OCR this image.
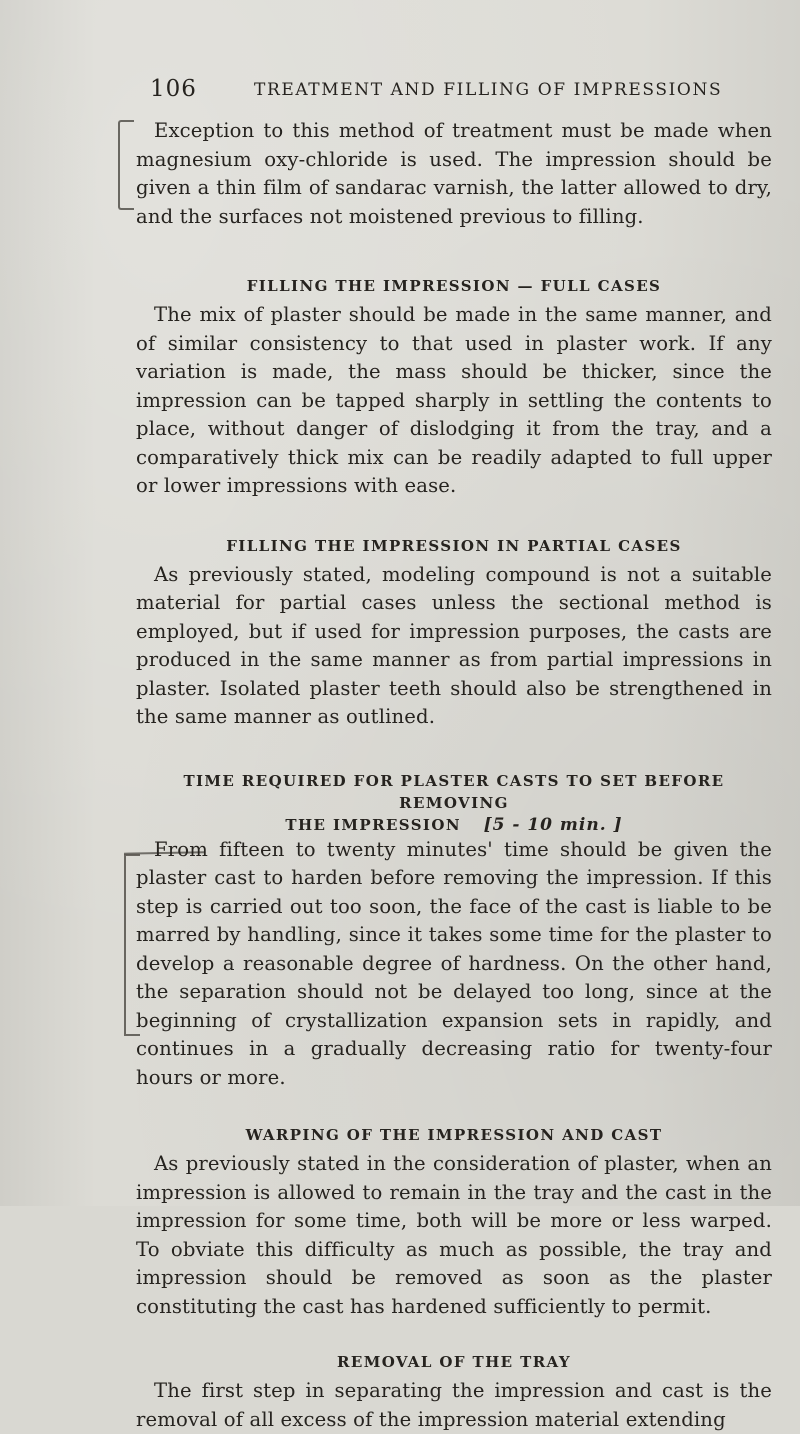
106	TREATMENT AND FILLING OF IMPRESSIONS

Exception to this method of treatment must be made when magnesium oxy-chloride is used. The impression should be given a thin film of sandarac varnish, the latter allowed to dry, and the surfaces not moistened previous to filling.

FILLING THE IMPRESSION — FULL CASES

The mix of plaster should be made in the same manner, and of similar consistency to that used in plaster work. If any variation is made, the mass should be thicker, since the impression can be tapped sharply in settling the contents to place, without danger of dislodging it from the tray, and a comparatively thick mix can be readily adapted to full upper or lower impressions with ease.

FILLING THE IMPRESSION IN PARTIAL CASES

As previously stated, modeling compound is not a suitable material for partial cases unless the sectional method is employed, but if used for impression purposes, the casts are produced in the same manner as from partial impressions in plaster. Isolated plaster teeth should also be strengthened in the same manner as outlined.

TIME REQUIRED FOR PLASTER CASTS TO SET BEFORE REMOVING
THE IMPRESSION [5 - 10 min. ]

From fifteen to twenty minutes' time should be given the plaster cast to harden before removing the impression. If this step is carried out too soon, the face of the cast is liable to be marred by handling, since it takes some time for the plaster to develop a reasonable degree of hardness. On the other hand, the separation should not be delayed too long, since at the beginning of crystallization expansion sets in rapidly, and continues in a gradually decreasing ratio for twenty-four hours or more.

WARPING OF THE IMPRESSION AND CAST

As previously stated in the consideration of plaster, when an impression is allowed to remain in the tray and the cast in the impression for some time, both will be more or less warped. To obviate this difficulty as much as possible, the tray and impression should be removed as soon as the plaster constituting the cast has hardened sufficiently to permit.

REMOVAL OF THE TRAY

The first step in separating the impression and cast is the removal of all excess of the impression material extending
